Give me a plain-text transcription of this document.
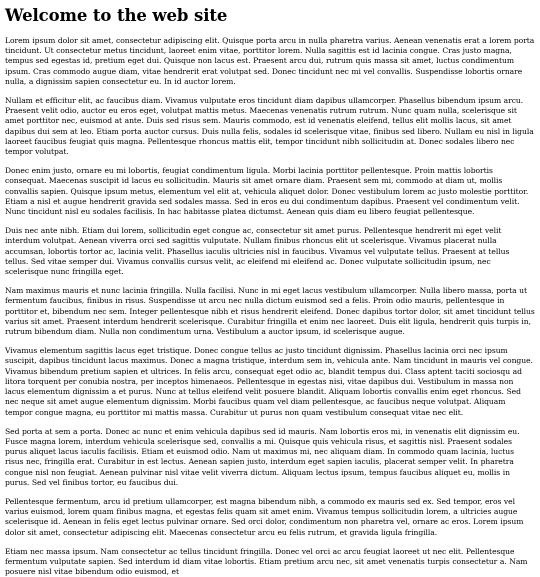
Welcome to the web site

Lorem ipsum dolor sit amet, consectetur adipiscing elit. Quisque porta arcu in nulla pharetra varius. Aenean venenatis erat a lorem porta tincidunt. Ut consectetur metus tincidunt, laoreet enim vitae, porttitor lorem. Nulla sagittis est id lacinia congue. Cras justo magna, tempus sed egestas id, pretium eget dui. Quisque non lacus est. Praesent arcu dui, rutrum quis massa sit amet, luctus condimentum ipsum. Cras commodo augue diam, vitae hendrerit erat volutpat sed. Donec tincidunt nec mi vel convallis. Suspendisse lobortis ornare nulla, a dignissim sapien consectetur eu. In id auctor lorem.

Nullam et efficitur elit, ac faucibus diam. Vivamus vulputate eros tincidunt diam dapibus ullamcorper. Phasellus bibendum ipsum arcu. Praesent velit odio, auctor eu eros eget, volutpat mattis metus. Maecenas venenatis rutrum rutrum. Nunc quam nulla, scelerisque sit amet porttitor nec, euismod at ante. Duis sed risus sem. Mauris commodo, est id venenatis eleifend, tellus elit mollis lacus, sit amet dapibus dui sem at leo. Etiam porta auctor cursus. Duis nulla felis, sodales id scelerisque vitae, finibus sed libero. Nullam eu nisl in ligula laoreet faucibus feugiat quis magna. Pellentesque rhoncus mattis elit, tempor tincidunt nibh sollicitudin at. Donec sodales libero nec tempor volutpat.

Donec enim justo, ornare eu mi lobortis, feugiat condimentum ligula. Morbi lacinia porttitor pellentesque. Proin mattis lobortis consequat. Maecenas suscipit id lacus eu sollicitudin. Mauris sit amet ornare diam. Praesent sem mi, commodo at diam ut, mollis convallis sapien. Quisque ipsum metus, elementum vel elit at, vehicula aliquet dolor. Donec vestibulum lorem ac justo molestie porttitor. Etiam a nisl et augue hendrerit gravida sed sodales massa. Sed in eros eu dui condimentum dapibus. Praesent vel condimentum velit. Nunc tincidunt nisl eu sodales facilisis. In hac habitasse platea dictumst. Aenean quis diam eu libero feugiat pellentesque.

Duis nec ante nibh. Etiam dui lorem, sollicitudin eget congue ac, consectetur sit amet purus. Pellentesque hendrerit mi eget velit interdum volutpat. Aenean viverra orci sed sagittis vulputate. Nullam finibus rhoncus elit ut scelerisque. Vivamus placerat nulla accumsan, lobortis tortor ac, lacinia velit. Phasellus iaculis ultricies nisl in faucibus. Vivamus vel vulputate tellus. Praesent at tellus tellus. Sed vitae semper dui. Vivamus convallis cursus velit, ac eleifend mi eleifend ac. Donec vulputate sollicitudin ipsum, nec scelerisque nunc fringilla eget.

Nam maximus mauris et nunc lacinia fringilla. Nulla facilisi. Nunc in mi eget lacus vestibulum ullamcorper. Nulla libero massa, porta ut fermentum faucibus, finibus in risus. Suspendisse ut arcu nec nulla dictum euismod sed a felis. Proin odio mauris, pellentesque in porttitor et, bibendum nec sem. Integer pellentesque nibh et risus hendrerit eleifend. Donec dapibus tortor dolor, sit amet tincidunt tellus varius sit amet. Praesent interdum hendrerit scelerisque. Curabitur fringilla et enim nec laoreet. Duis elit ligula, hendrerit quis turpis in, rutrum bibendum diam. Nulla non condimentum urna. Vestibulum a auctor ipsum, id scelerisque augue.

Vivamus elementum sagittis lacus eget tristique. Donec congue tellus ac justo tincidunt dignissim. Phasellus lacinia orci nec ipsum suscipit, dapibus tincidunt lacus maximus. Donec a magna tristique, interdum sem in, vehicula ante. Nam tincidunt in mauris vel congue. Vivamus bibendum pretium sapien et ultrices. In felis arcu, consequat eget odio ac, blandit tempus dui. Class aptent taciti sociosqu ad litora torquent per conubia nostra, per inceptos himenaeos. Pellentesque in egestas nisi, vitae dapibus dui. Vestibulum in massa non lacus elementum dignissim a et purus. Nunc at tellus eleifend velit posuere blandit. Aliquam lobortis convallis enim eget rhoncus. Sed nec neque sit amet augue elementum dignissim. Morbi faucibus quam vel diam pellentesque, ac faucibus neque volutpat. Aliquam tempor congue magna, eu porttitor mi mattis massa. Curabitur ut purus non quam vestibulum consequat vitae nec elit.

Sed porta at sem a porta. Donec ac nunc et enim vehicula dapibus sed id mauris. Nam lobortis eros mi, in venenatis elit dignissim eu. Fusce magna lorem, interdum vehicula scelerisque sed, convallis a mi. Quisque quis vehicula risus, et sagittis nisl. Praesent sodales purus aliquet lacus iaculis facilisis. Etiam et euismod odio. Nam ut maximus mi, nec aliquam diam. In commodo quam lacinia, luctus risus nec, fringilla erat. Curabitur in est lectus. Aenean sapien justo, interdum eget sapien iaculis, placerat semper velit. In pharetra congue nisl non feugiat. Aenean pulvinar nisl vitae velit viverra dictum. Aliquam lectus ipsum, tempus faucibus aliquet eu, mollis in purus. Sed vel finibus tortor, eu faucibus dui.

Pellentesque fermentum, arcu id pretium ullamcorper, est magna bibendum nibh, a commodo ex mauris sed ex. Sed tempor, eros vel varius euismod, lorem quam finibus magna, et egestas felis quam sit amet enim. Vivamus tempus sollicitudin lorem, a ultricies augue scelerisque id. Aenean in felis eget lectus pulvinar ornare. Sed orci dolor, condimentum non pharetra vel, ornare ac eros. Lorem ipsum dolor sit amet, consectetur adipiscing elit. Maecenas consectetur arcu eu felis rutrum, et gravida ligula fringilla.

Etiam nec massa ipsum. Nam consectetur ac tellus tincidunt fringilla. Donec vel orci ac arcu feugiat laoreet ut nec elit. Pellentesque fermentum vulputate sapien. Sed interdum id diam vitae lobortis. Etiam pretium arcu nec, sit amet venenatis turpis consectetur a. Nam posuere nisl vitae bibendum odio euismod, et
